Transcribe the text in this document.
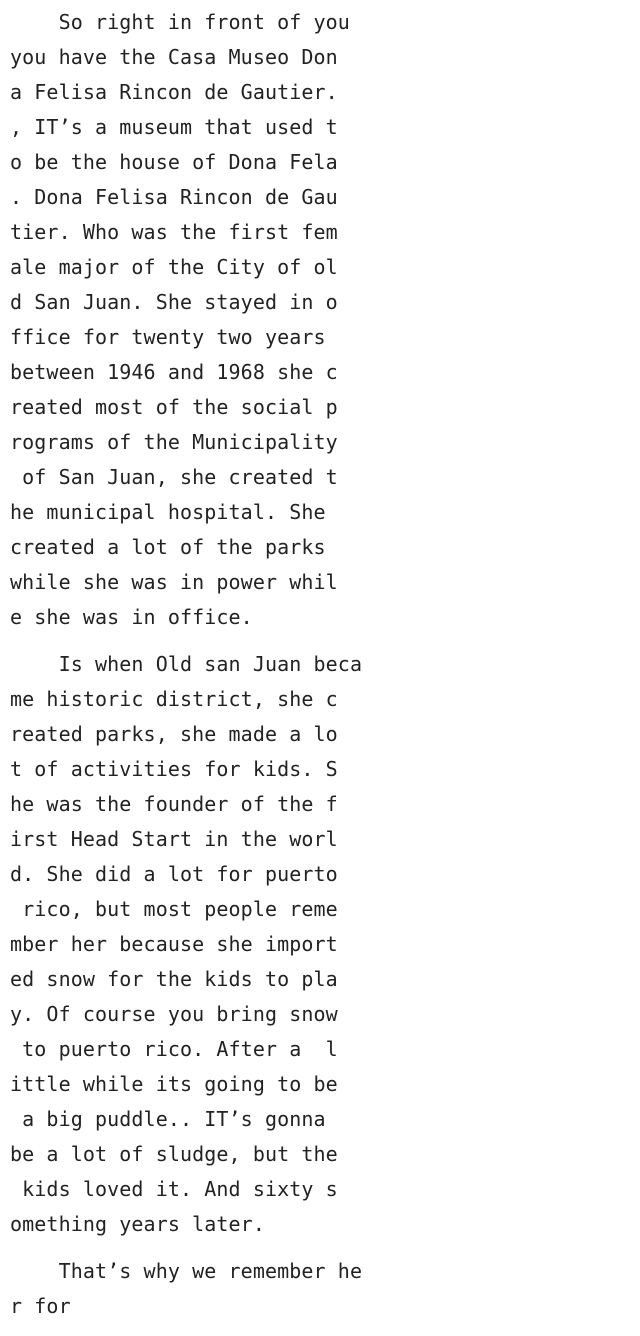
So right in front of you
you have the Casa Museo Don
a Felisa Rincon de Gautier.
, IT’s a museum that used t
o be the house of Dona Fela
. Dona Felisa Rincon de Gau
tier. Who was the first fem
ale major of the City of ol
d San Juan. She stayed in o
ffice for twenty two years
between 1946 and 1968 she c
reated most of the social p
rograms of the Municipality
of San Juan, she created t
he municipal hospital. She
created a lot of the parks
while she was in power whil
e she was in office.
Is when Old san Juan beca
me historic district, she c
reated parks, she made a lo
t of activities for kids. S
he was the founder of the f
irst Head Start in the worl
d. She did a lot for puerto
rico, but most people reme
mber her because she import
ed snow for the kids to pla
y. Of course you bring snow
to puerto rico. After a  l
ittle while its going to be
a big puddle.. IT’s gonna
be a lot of sludge, but the
kids loved it. And sixty s
omething years later.
That’s why we remember he
r for
